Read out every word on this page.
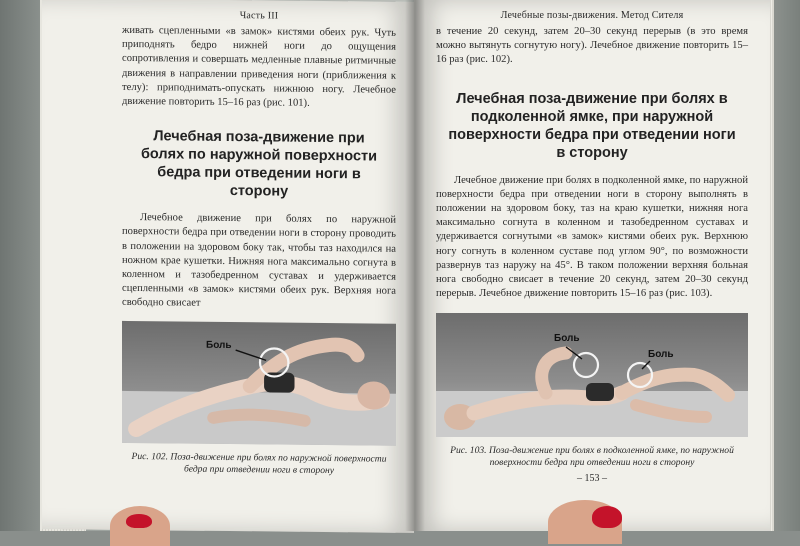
Часть III

живать сцепленными «в замок» кистями обеих рук. Чуть приподнять бедро нижней ноги до ощущения сопротивления и совершать медленные плавные ритмичные движения в направлении приведения ноги (приближения к телу): приподнимать-опускать нижнюю ногу. Лечебное движение повторить 15–16 раз (рис. 101).

Лечебная поза-движение при болях по наружной поверхности бедра при отведении ноги в сторону

Лечебное движение при болях по наружной поверхности бедра при отведении ноги в сторону проводить в положении на здоровом боку так, чтобы таз находился на ножном крае кушетки. Нижняя нога максимально согнута в коленном и тазобедренном суставах и удерживается сцепленными «в замок» кистями обеих рук. Верхняя нога свободно свисает

Боль

Рис. 102. Поза-движение при болях по наружной поверхности бедра при отведении ноги в сторону

Лечебные позы-движения. Метод Сителя

в течение 20 секунд, затем 20–30 секунд перерыв (в это время можно вытянуть согнутую ногу). Лечебное движение повторить 15–16 раз (рис. 102).

Лечебная поза-движение при болях в подколенной ямке, при наружной поверхности бедра при отведении ноги в сторону

Лечебное движение при болях в подколенной ямке, по наружной поверхности бедра при отведении ноги в сторону выполнять в положении на здоровом боку, таз на краю кушетки, нижняя нога максимально согнута в коленном и тазобедренном суставах и удерживается согнутыми «в замок» кистями обеих рук. Верхнюю ногу согнуть в коленном суставе под углом 90°, по возможности развернув таз наружу на 45°. В таком положении верхняя больная нога свободно свисает в течение 20 секунд, затем 20–30 секунд перерыв. Лечебное движение повторить 15–16 раз (рис. 103).

Боль
Боль

Рис. 103. Поза-движение при болях в подколенной ямке, по наружной поверхности бедра при отведении ноги в сторону

– 153 –
